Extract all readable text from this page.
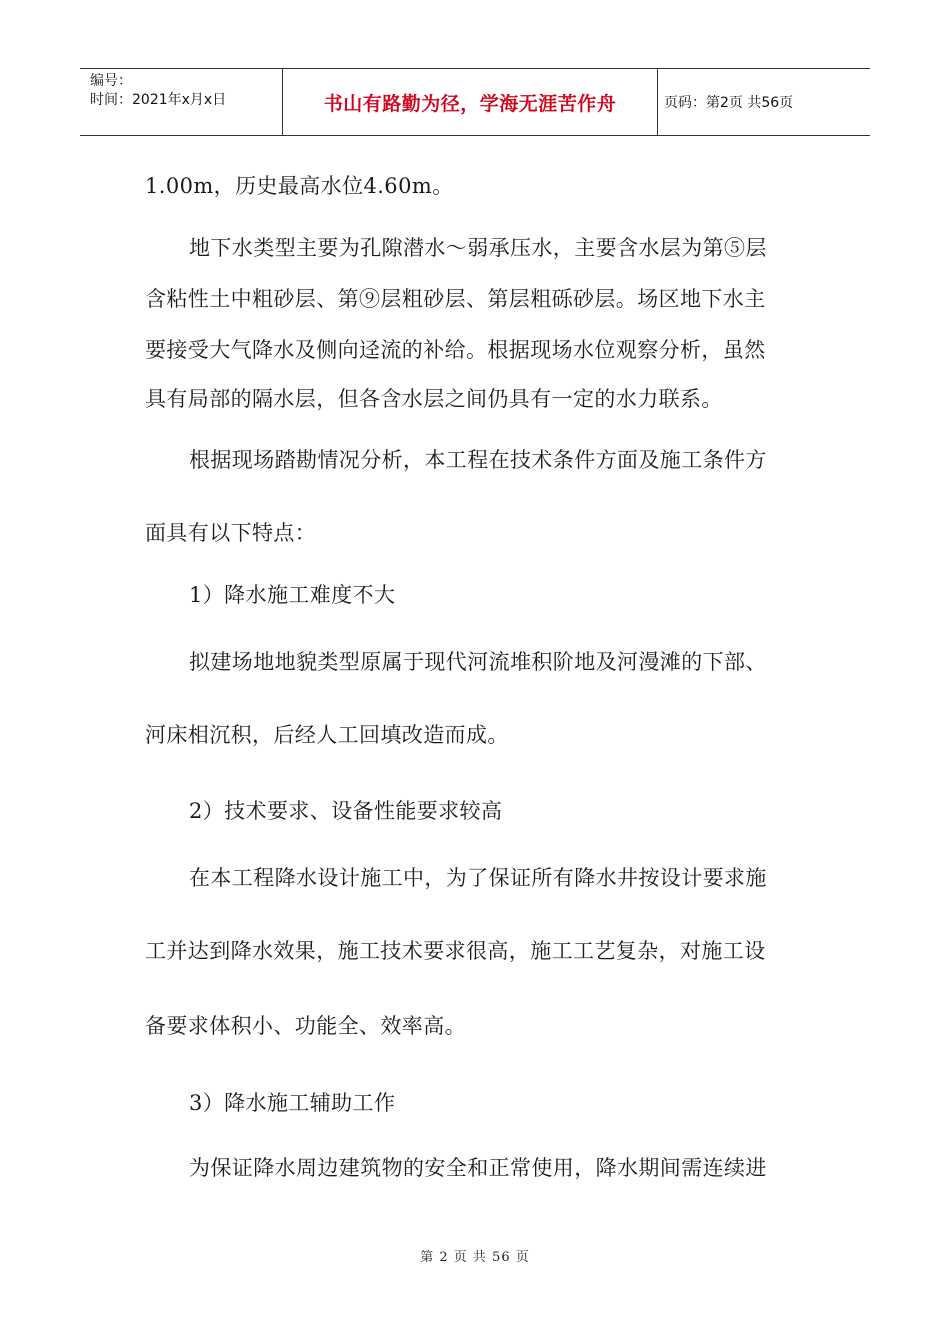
编号：
时间：2021年x月x日	书山有路勤为径，学海无涯苦作舟	页码：第2页 共56页
1.00m，历史最高水位4.60m。
地下水类型主要为孔隙潜水～弱承压水，主要含水层为第⑤层
含粘性土中粗砂层、第⑨层粗砂层、第层粗砾砂层。场区地下水主
要接受大气降水及侧向迳流的补给。根据现场水位观察分析，虽然
具有局部的隔水层，但各含水层之间仍具有一定的水力联系。
根据现场踏勘情况分析，本工程在技术条件方面及施工条件方
面具有以下特点：
1）降水施工难度不大
拟建场地地貌类型原属于现代河流堆积阶地及河漫滩的下部、
河床相沉积，后经人工回填改造而成。
2）技术要求、设备性能要求较高
在本工程降水设计施工中，为了保证所有降水井按设计要求施
工并达到降水效果，施工技术要求很高，施工工艺复杂，对施工设
备要求体积小、功能全、效率高。
3）降水施工辅助工作
为保证降水周边建筑物的安全和正常使用，降水期间需连续进
第 2 页 共 56 页
